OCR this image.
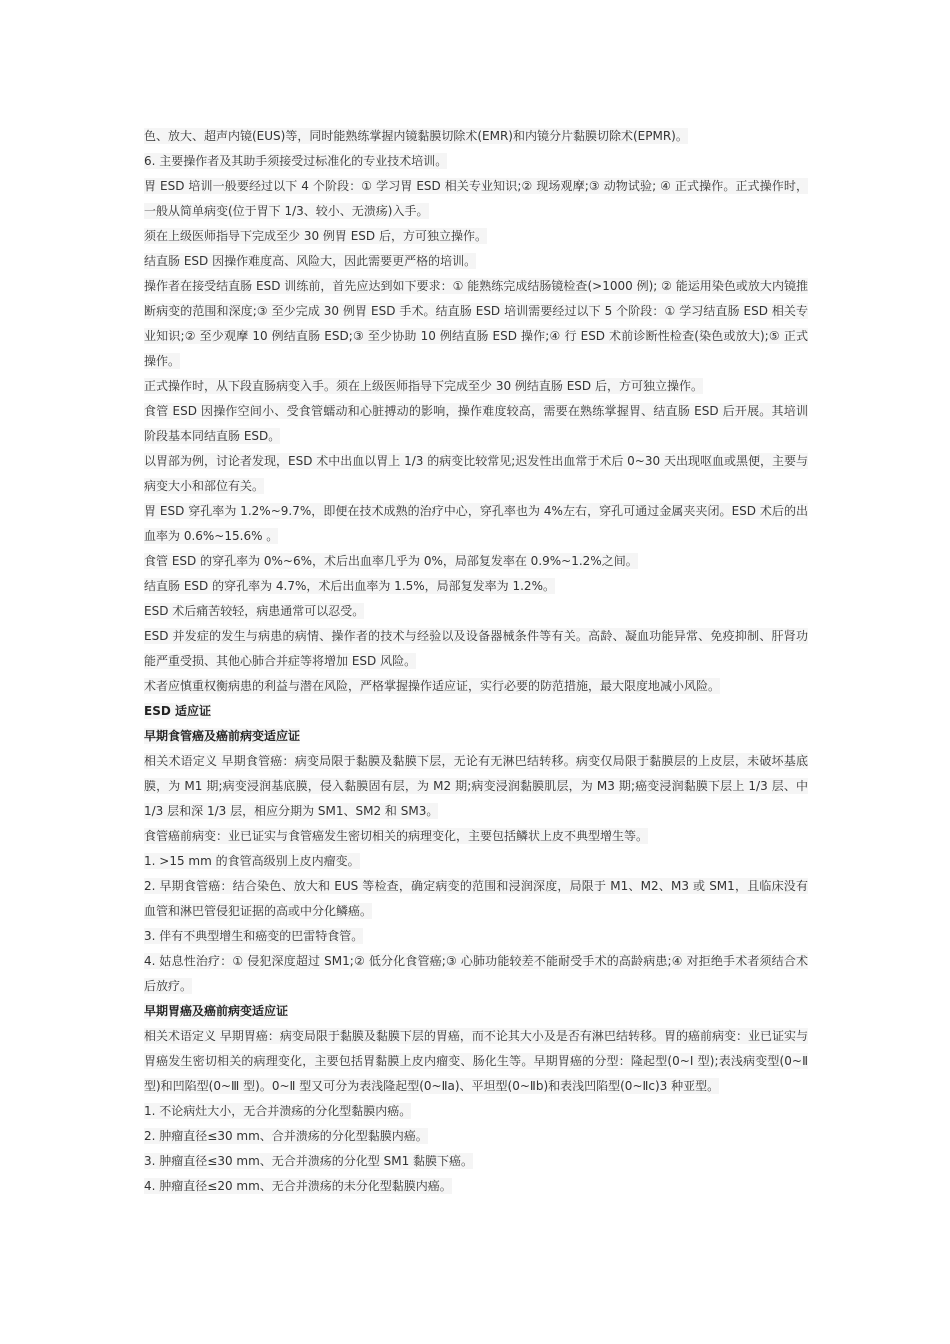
色、放大、超声内镜(EUS)等，同时能熟练掌握内镜黏膜切除术(EMR)和内镜分片黏膜切除术(EPMR)。

6. 主要操作者及其助手须接受过标准化的专业技术培训。

胃 ESD 培训一般要经过以下 4 个阶段：① 学习胃 ESD 相关专业知识;② 现场观摩;③ 动物试验; ④ 正式操作。正式操作时，一般从简单病变(位于胃下 1/3、较小、无溃疡)入手。

须在上级医师指导下完成至少 30 例胃 ESD 后，方可独立操作。

结直肠 ESD 因操作难度高、风险大，因此需要更严格的培训。

操作者在接受结直肠 ESD 训练前，首先应达到如下要求：① 能熟练完成结肠镜检查(>1000 例); ② 能运用染色或放大内镜推断病变的范围和深度;③ 至少完成 30 例胃 ESD 手术。结直肠 ESD 培训需要经过以下 5 个阶段：① 学习结直肠 ESD 相关专业知识;② 至少观摩 10 例结直肠 ESD;③ 至少协助 10 例结直肠 ESD 操作;④ 行 ESD 术前诊断性检查(染色或放大);⑤ 正式操作。

正式操作时，从下段直肠病变入手。须在上级医师指导下完成至少 30 例结直肠 ESD 后，方可独立操作。

食管 ESD 因操作空间小、受食管蠕动和心脏搏动的影响，操作难度较高，需要在熟练掌握胃、结直肠 ESD 后开展。其培训阶段基本同结直肠 ESD。

以胃部为例，讨论者发现，ESD 术中出血以胃上 1/3 的病变比较常见;迟发性出血常于术后 0~30 天出现呕血或黑便，主要与病变大小和部位有关。

胃 ESD 穿孔率为 1.2%~9.7%，即便在技术成熟的治疗中心，穿孔率也为 4%左右，穿孔可通过金属夹夹闭。ESD 术后的出血率为 0.6%~15.6% 。

食管 ESD 的穿孔率为 0%~6%，术后出血率几乎为 0%，局部复发率在 0.9%~1.2%之间。

结直肠 ESD 的穿孔率为 4.7%，术后出血率为 1.5%，局部复发率为 1.2%。

ESD 术后痛苦较轻，病患通常可以忍受。

ESD 并发症的发生与病患的病情、操作者的技术与经验以及设备器械条件等有关。高龄、凝血功能异常、免疫抑制、肝肾功能严重受损、其他心肺合并症等将增加 ESD 风险。

术者应慎重权衡病患的利益与潜在风险，严格掌握操作适应证，实行必要的防范措施，最大限度地减小风险。

ESD 适应证

早期食管癌及癌前病变适应证

相关术语定义 早期食管癌：病变局限于黏膜及黏膜下层，无论有无淋巴结转移。病变仅局限于黏膜层的上皮层，未破坏基底膜，为 M1 期;病变浸润基底膜，侵入黏膜固有层，为 M2 期;病变浸润黏膜肌层，为 M3 期;癌变浸润黏膜下层上 1/3 层、中 1/3 层和深 1/3 层，相应分期为 SM1、SM2 和 SM3。

食管癌前病变：业已证实与食管癌发生密切相关的病理变化，主要包括鳞状上皮不典型增生等。

1. >15 mm 的食管高级别上皮内瘤变。

2. 早期食管癌：结合染色、放大和 EUS 等检查，确定病变的范围和浸润深度，局限于 M1、M2、M3 或 SM1，且临床没有血管和淋巴管侵犯证据的高或中分化鳞癌。

3. 伴有不典型增生和癌变的巴雷特食管。

4. 姑息性治疗：① 侵犯深度超过 SM1;② 低分化食管癌;③ 心肺功能较差不能耐受手术的高龄病患;④ 对拒绝手术者须结合术后放疗。

早期胃癌及癌前病变适应证

相关术语定义 早期胃癌：病变局限于黏膜及黏膜下层的胃癌，而不论其大小及是否有淋巴结转移。胃的癌前病变：业已证实与胃癌发生密切相关的病理变化，主要包括胃黏膜上皮内瘤变、肠化生等。早期胃癌的分型：隆起型(0~Ⅰ 型);表浅病变型(0~Ⅱ 型)和凹陷型(0~Ⅲ 型)。0~Ⅱ 型又可分为表浅隆起型(0~Ⅱa)、平坦型(0~Ⅱb)和表浅凹陷型(0~Ⅱc)3 种亚型。

1. 不论病灶大小，无合并溃疡的分化型黏膜内癌。

2. 肿瘤直径≤30 mm、合并溃疡的分化型黏膜内癌。

3. 肿瘤直径≤30 mm、无合并溃疡的分化型 SM1 黏膜下癌。

4. 肿瘤直径≤20 mm、无合并溃疡的未分化型黏膜内癌。
